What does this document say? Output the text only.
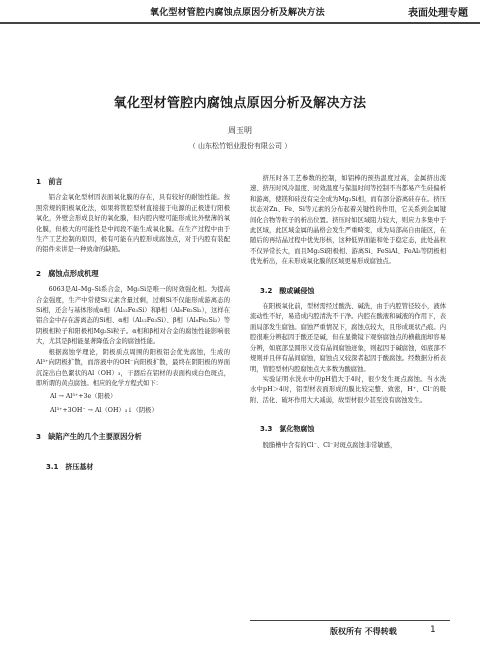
氧化型材管腔内腐蚀点原因分析及解决方法	表面处理专题
氧化型材管腔内腐蚀点原因分析及解决方法
周玉明
（ 山东松竹铝业股份有限公司 ）
1　前言

铝合金氧化型材因表面氧化膜的存在，具有较好的耐蚀性能。按照常规的阳极氧化法，如果将管腔型材直接接于电源的正极进行阳极氧化，外壁会形成良好的氧化膜，但内腔内壁可能形成比外壁薄的氧化膜，但极大的可能性是中间段不能生成氧化膜。在生产过程中由于生产工艺控制的原因，极有可能在内腔形成腐蚀点，对于内腔有装配的铝件来讲是一种致命的缺陷。

2　腐蚀点形成机理

6063是Al–Mg–Si系合金，Mg₂Si是唯一的时效强化相。为提高合金强度，生产中常使Si元素含量过剩，过剩Si不仅能形成游离态的Si相，还会与基体形成α相（Al₁₂Fe₃Si）和β相（Al₉Fe₂Si₂），这样在铝合金中存在游离态的Si相、α相（Al₁₂Fe₃Si）、β相（Al₉Fe₂Si₂）等阴极相粒子和阳极相Mg₂Si粒子。α相和β相对合金的腐蚀性能影响很大，尤其是β相能显著降低合金的腐蚀性能。

根据腐蚀学理论，阴极质点周围的阳极铝会优先腐蚀，生成的Al³⁺向阴极扩散，而溶液中的OH⁻向阳极扩散，最终在阴阳极的界面沉淀出白色絮状的Al（OH）₃，干涸后在铝材的表面构成白色斑点，即所谓的黄点腐蚀。相应的化学方程式如下：

Al → Al³⁺+3e（阳极）

Al³⁺+3OH⁻ → Al（OH）₃↓（阴极）

3　缺陷产生的几个主要原因分析
3.1　挤压基材

挤压时各工艺参数的控制，如铝棒的预热温度过高，金属挤出流速、挤压时风冷温度、时效温度与保温时间等控制不当都易产生硅偏析和游离，使镁和硅没有完全成为Mg₂Si相，而有部分游离硅存在。挤压状态对Zn、Fe、Si等元素的分布起着关键性的作用，它关系到金属键间化合物等粒子的析出位置。挤压时如区域阻力较大，则应力多集中于此区域，此区域金属的晶格会发生严重畸变，成为局部高自由能区，在随后的再结晶过程中优先形核，这种低界面能和处于稳定态，此处晶粒不仅异常长大，而且Mg₂Si阳极相、游离Si、FeSiAl、FeAl₃等阴极相优先析出，在未形成氧化膜的区域更易形成腐蚀点。

3.2　酸或碱侵蚀

在阳极氧化前，型材需经过酸洗、碱洗，由于内腔管径较小，液体流动性不好，易造成内腔清洗不干净。内腔在酸液和碱液的作用下，表面局部发生腐蚀。腐蚀严重情况下，腐蚀点较大，且形成斑状凸痕。内腔很难分辨起因于酸还是碱，但在显微镜下观察腐蚀点的横截面却容易分辨，如底部呈圆形又没有晶间腐蚀迹象，则起因于碱腐蚀，如底部不规则并且伴有晶间腐蚀，腐蚀点又较深者起因于酸腐蚀。经数据分析表明，管腔型材内腔腐蚀点大多数为酸腐蚀。

实验证明水洗水中的pH值大于4时，很少发生斑点腐蚀。当水洗水中pH＞4时，铝型材表面形成的膜比较完整、致密，H⁺、Cl⁻的吸附、活化、破坏作用大大减弱，故型材很少甚至没有腐蚀发生。

3.3　氯化物腐蚀

脱脂槽中含有的Cl⁻、Cl⁻对斑点腐蚀非常敏感，

版权所有 不得转载	1
